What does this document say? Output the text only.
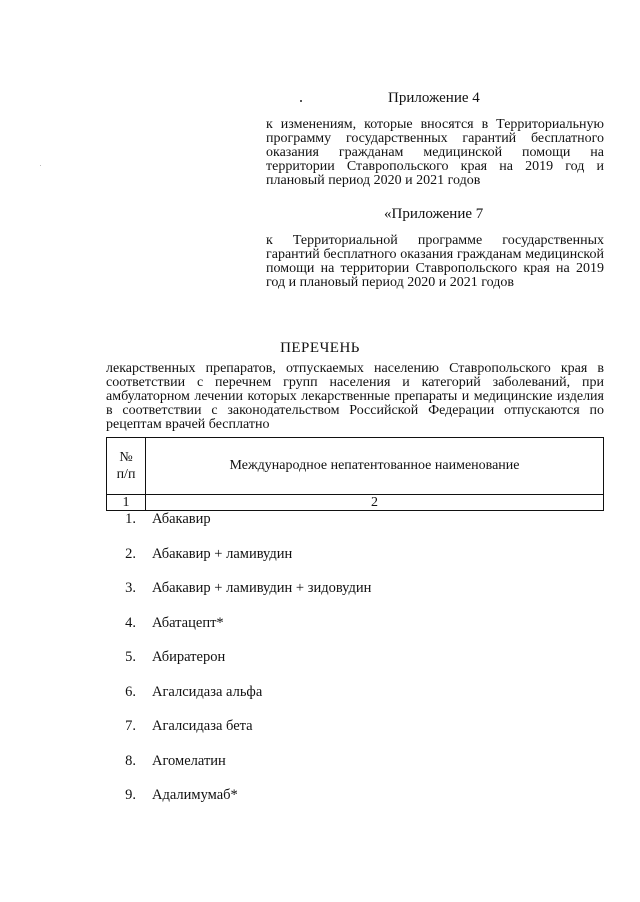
Приложение 4
к изменениям, которые вносятся в Территориальную программу государственных гарантий бесплатного оказания гражданам медицинской помощи на территории Ставропольского края на 2019 год и плановый период 2020 и 2021 годов
«Приложение 7
к Территориальной программе государственных гарантий бесплатного оказания гражданам медицинской помощи на территории Ставропольского края на 2019 год и плановый период 2020 и 2021 годов
ПЕРЕЧЕНЬ
лекарственных препаратов, отпускаемых населению Ставропольского края в соответствии с перечнем групп населения и категорий заболеваний, при амбулаторном лечении которых лекарственные препараты и медицинские изделия в соответствии с законодательством Российской Федерации отпускаются по рецептам врачей бесплатно
№
п/п	Международное непатентованное наименование
1	2
1. Абакавир
2. Абакавир + ламивудин
3. Абакавир + ламивудин + зидовудин
4. Абатацепт*
5. Абиратерон
6. Агалсидаза альфа
7. Агалсидаза бета
8. Агомелатин
9. Адалимумаб*
